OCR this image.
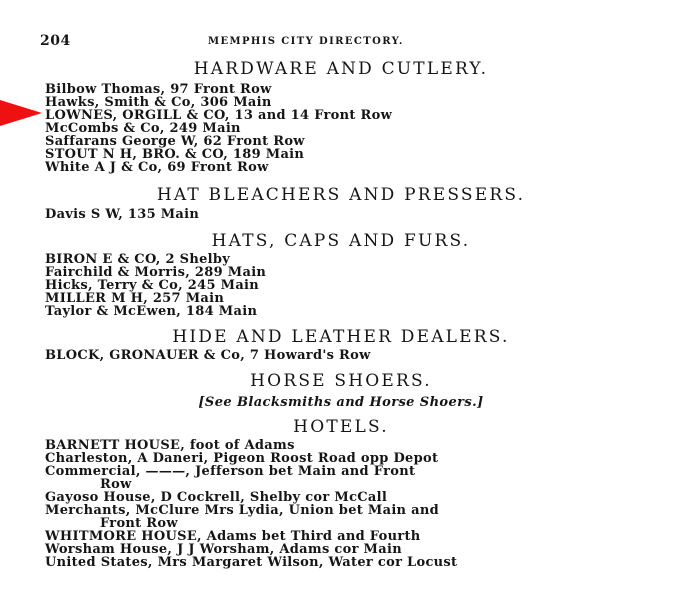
204	MEMPHIS CITY DIRECTORY.
HARDWARE AND CUTLERY.
Bilbow Thomas, 97 Front Row
Hawks, Smith & Co, 306 Main
LOWNES, ORGILL & CO, 13 and 14 Front Row
McCombs & Co, 249 Main
Saffarans George W, 62 Front Row
STOUT N H, BRO. & CO, 189 Main
White A J & Co, 69 Front Row
HAT BLEACHERS AND PRESSERS.
Davis S W, 135 Main
HATS, CAPS AND FURS.
BIRON E & CO, 2 Shelby
Fairchild & Morris, 289 Main
Hicks, Terry & Co, 245 Main
MILLER M H, 257 Main
Taylor & McEwen, 184 Main
HIDE AND LEATHER DEALERS.
BLOCK, GRONAUER & Co, 7 Howard's Row
HORSE SHOERS.
[See Blacksmiths and Horse Shoers.]
HOTELS.
BARNETT HOUSE, foot of Adams
Charleston, A Daneri, Pigeon Roost Road opp Depot
Commercial, ———, Jefferson bet Main and Front
Row
Gayoso House, D Cockrell, Shelby cor McCall
Merchants, McClure Mrs Lydia, Union bet Main and
Front Row
WHITMORE HOUSE, Adams bet Third and Fourth
Worsham House, J J Worsham, Adams cor Main
United States, Mrs Margaret Wilson, Water cor Locust
